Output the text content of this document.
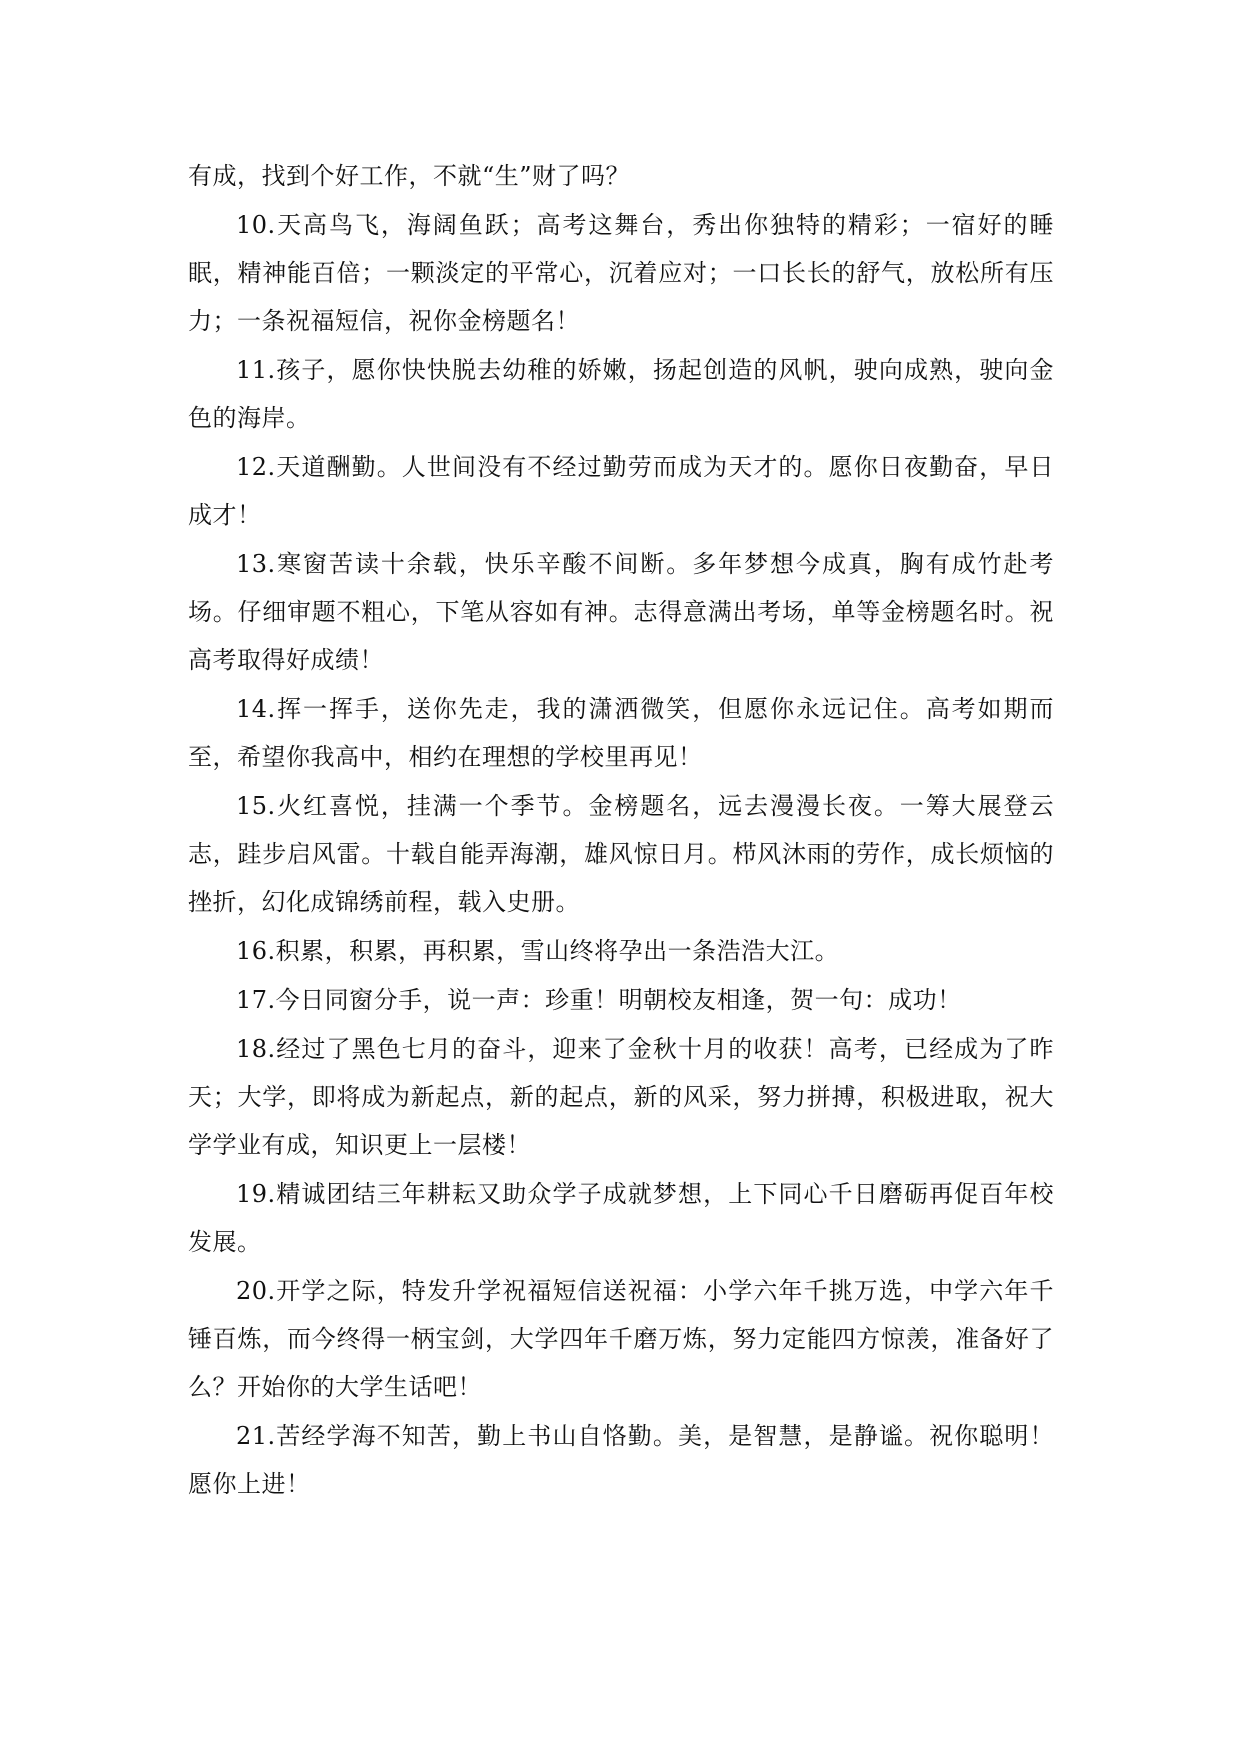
有成，找到个好工作，不就“生”财了吗？

10.天高鸟飞，海阔鱼跃；高考这舞台，秀出你独特的精彩；一宿好的睡眠，精神能百倍；一颗淡定的平常心，沉着应对；一口长长的舒气，放松所有压力；一条祝福短信，祝你金榜题名！

11.孩子，愿你快快脱去幼稚的娇嫩，扬起创造的风帆，驶向成熟，驶向金色的海岸。

12.天道酬勤。人世间没有不经过勤劳而成为天才的。愿你日夜勤奋，早日成才！

13.寒窗苦读十余载，快乐辛酸不间断。多年梦想今成真，胸有成竹赴考场。仔细审题不粗心，下笔从容如有神。志得意满出考场，单等金榜题名时。祝高考取得好成绩！

14.挥一挥手，送你先走，我的潇洒微笑，但愿你永远记住。高考如期而至，希望你我高中，相约在理想的学校里再见！

15.火红喜悦，挂满一个季节。金榜题名，远去漫漫长夜。一筹大展登云志，跬步启风雷。十载自能弄海潮，雄风惊日月。栉风沐雨的劳作，成长烦恼的挫折，幻化成锦绣前程，载入史册。

16.积累，积累，再积累，雪山终将孕出一条浩浩大江。

17.今日同窗分手，说一声：珍重！明朝校友相逢，贺一句：成功！

18.经过了黑色七月的奋斗，迎来了金秋十月的收获！高考，已经成为了昨天；大学，即将成为新起点，新的起点，新的风采，努力拼搏，积极进取，祝大学学业有成，知识更上一层楼！

19.精诚团结三年耕耘又助众学子成就梦想，上下同心千日磨砺再促百年校发展。

20.开学之际，特发升学祝福短信送祝福：小学六年千挑万选，中学六年千锤百炼，而今终得一柄宝剑，大学四年千磨万炼，努力定能四方惊羡，准备好了么？开始你的大学生话吧！

21.苦经学海不知苦，勤上书山自恪勤。美，是智慧，是静谧。祝你聪明！愿你上进！
